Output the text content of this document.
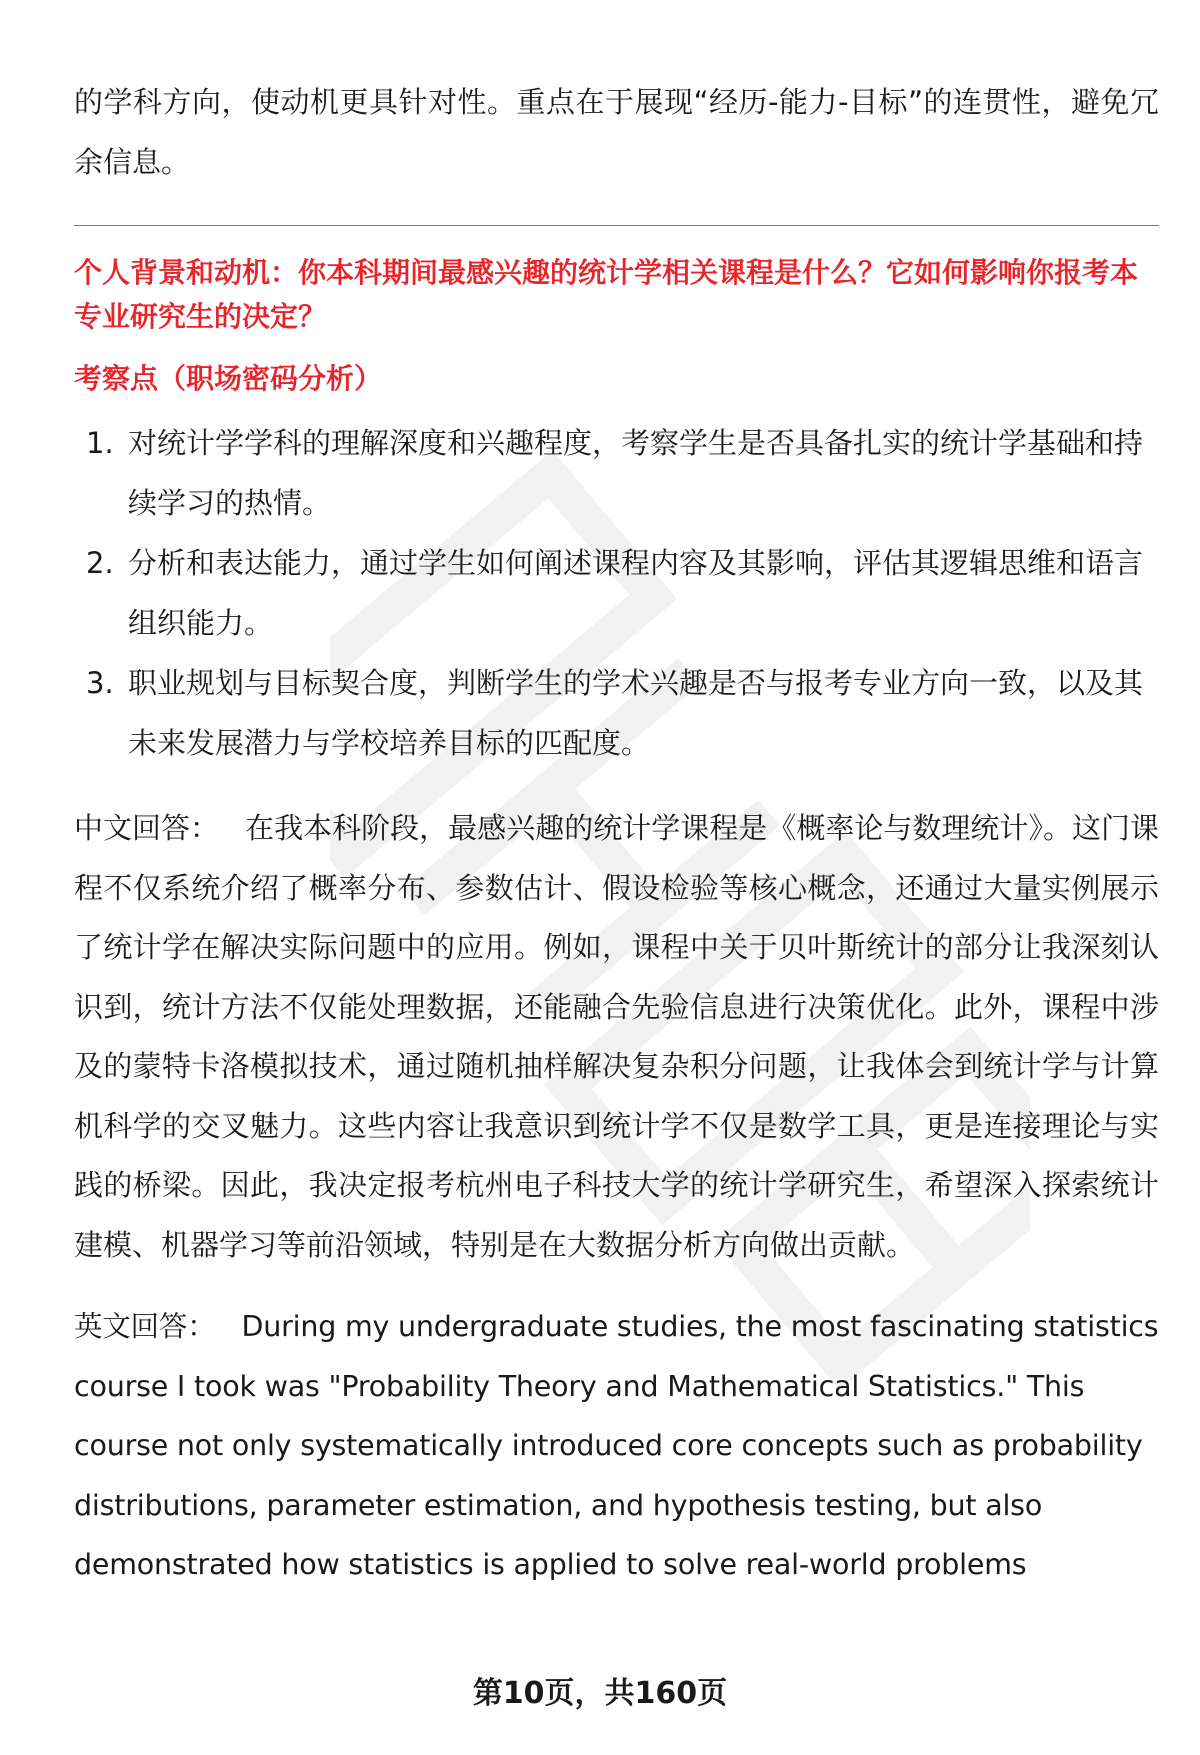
的学科方向，使动机更具针对性。重点在于展现“经历-能力-目标”的连贯性，避免冗余信息。

个人背景和动机：你本科期间最感兴趣的统计学相关课程是什么？它如何影响你报考本专业研究生的决定？

考察点（职场密码分析）

1. 对统计学学科的理解深度和兴趣程度，考察学生是否具备扎实的统计学基础和持续学习的热情。
2. 分析和表达能力，通过学生如何阐述课程内容及其影响，评估其逻辑思维和语言组织能力。
3. 职业规划与目标契合度，判断学生的学术兴趣是否与报考专业方向一致，以及其未来发展潜力与学校培养目标的匹配度。

中文回答： 在我本科阶段，最感兴趣的统计学课程是《概率论与数理统计》。这门课程不仅系统介绍了概率分布、参数估计、假设检验等核心概念，还通过大量实例展示了统计学在解决实际问题中的应用。例如，课程中关于贝叶斯统计的部分让我深刻认识到，统计方法不仅能处理数据，还能融合先验信息进行决策优化。此外，课程中涉及的蒙特卡洛模拟技术，通过随机抽样解决复杂积分问题，让我体会到统计学与计算机科学的交叉魅力。这些内容让我意识到统计学不仅是数学工具，更是连接理论与实践的桥梁。因此，我决定报考杭州电子科技大学的统计学研究生，希望深入探索统计建模、机器学习等前沿领域，特别是在大数据分析方向做出贡献。

英文回答： During my undergraduate studies, the most fascinating statistics course I took was "Probability Theory and Mathematical Statistics." This course not only systematically introduced core concepts such as probability distributions, parameter estimation, and hypothesis testing, but also demonstrated how statistics is applied to solve real-world problems

第10页，共160页
